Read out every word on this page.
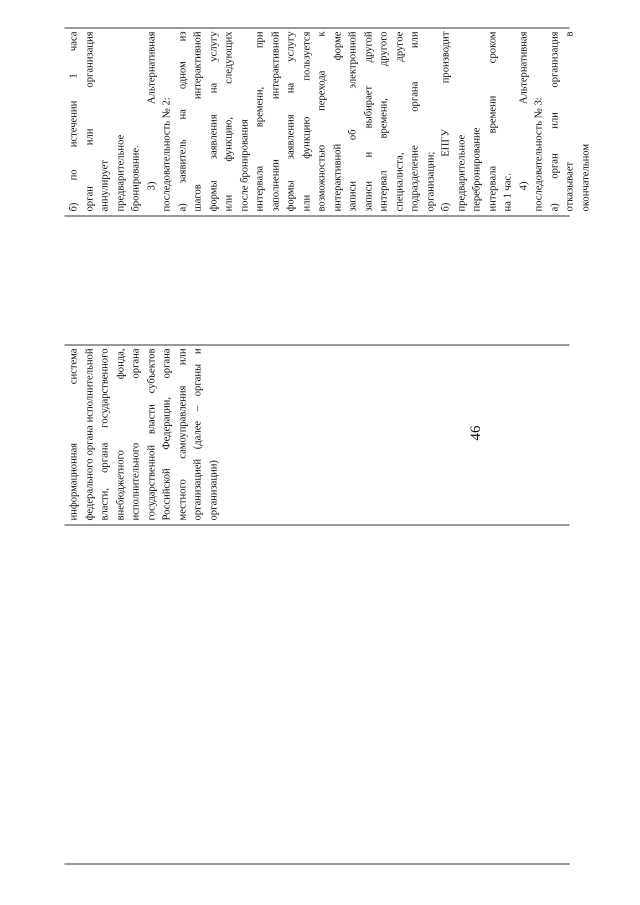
46
информационная система федерального органа исполнительной власти, органа государственного внебюджетного фонда, исполнительного органа государственной власти субъектов Российской Федерации, органа местного самоуправления или организацией (далее – органы и организации)
б) по истечении 1 часа орган или организация аннулирует предварительное бронирование. 3) Альтернативная последовательность № 2: а) заявитель на одном из шагов интерактивной формы заявления на услугу или функцию, следующих после бронирования интервала времени, при заполнении интерактивной формы заявления на услугу или функцию пользуется возможностью перехода к интерактивной форме записи об электронной записи и выбирает другой интервал времени, другого специалиста, другое подразделение органа или организации; б) ЕПГУ производит предварительное перебронирование интервала времени сроком на 1 час.
4) Альтернативная последовательность № 3: а) орган или организация отказывает в окончательном
